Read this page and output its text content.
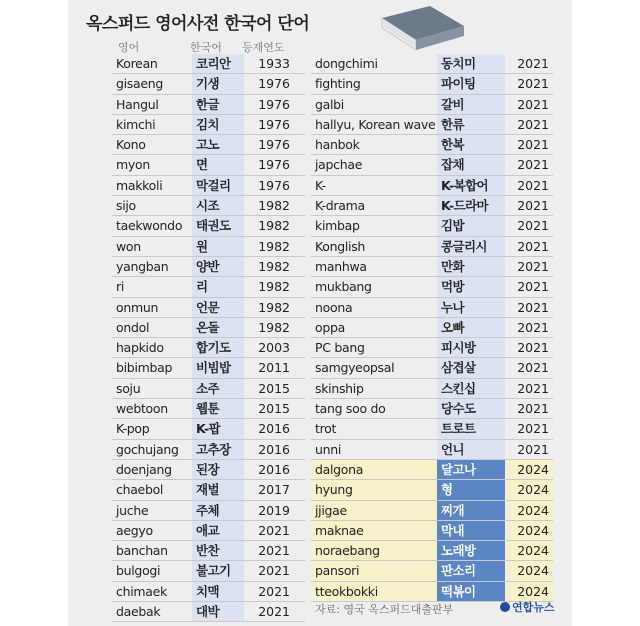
옥스퍼드 영어사전 한국어 단어
영어	한국어 등재연도
Korean	코리안	1933
gisaeng	기생	1976
Hangul	한글	1976
kimchi	김치	1976
Kono	고노	1976
myon	면	1976
makkoli	막걸리	1976
sijo	시조	1982
taekwondo	태권도	1982
won	원	1982
yangban	양반	1982
ri	리	1982
onmun	언문	1982
ondol	온돌	1982
hapkido	합기도	2003
bibimbap	비빔밥	2011
soju	소주	2015
webtoon	웹툰	2015
K-pop	K-팝	2016
gochujang	고추장	2016
doenjang	된장	2016
chaebol	재벌	2017
juche	주체	2019
aegyo	애교	2021
banchan	반찬	2021
bulgogi	불고기	2021
chimaek	치맥	2021
daebak	대박	2021
dongchimi	동치미	2021
fighting	파이팅	2021
galbi	갈비	2021
hallyu, Korean wave 한류	2021
hanbok	한복	2021
japchae	잡채	2021
K-	K-복합어	2021
K-drama	K-드라마	2021
kimbap	김밥	2021
Konglish	콩글리시	2021
manhwa	만화	2021
mukbang	먹방	2021
noona	누나	2021
oppa	오빠	2021
PC bang	피시방	2021
samgyeopsal	삼겹살	2021
skinship	스킨십	2021
tang soo do	당수도	2021
trot	트로트	2021
unni	언니	2021
dalgona	달고나	2024
hyung	형	2024
jjigae	찌개	2024
maknae	막내	2024
noraebang	노래방	2024
pansori	판소리	2024
tteokbokki	떡볶이	2024
자료: 영국 옥스퍼드대출판부	연합뉴스
